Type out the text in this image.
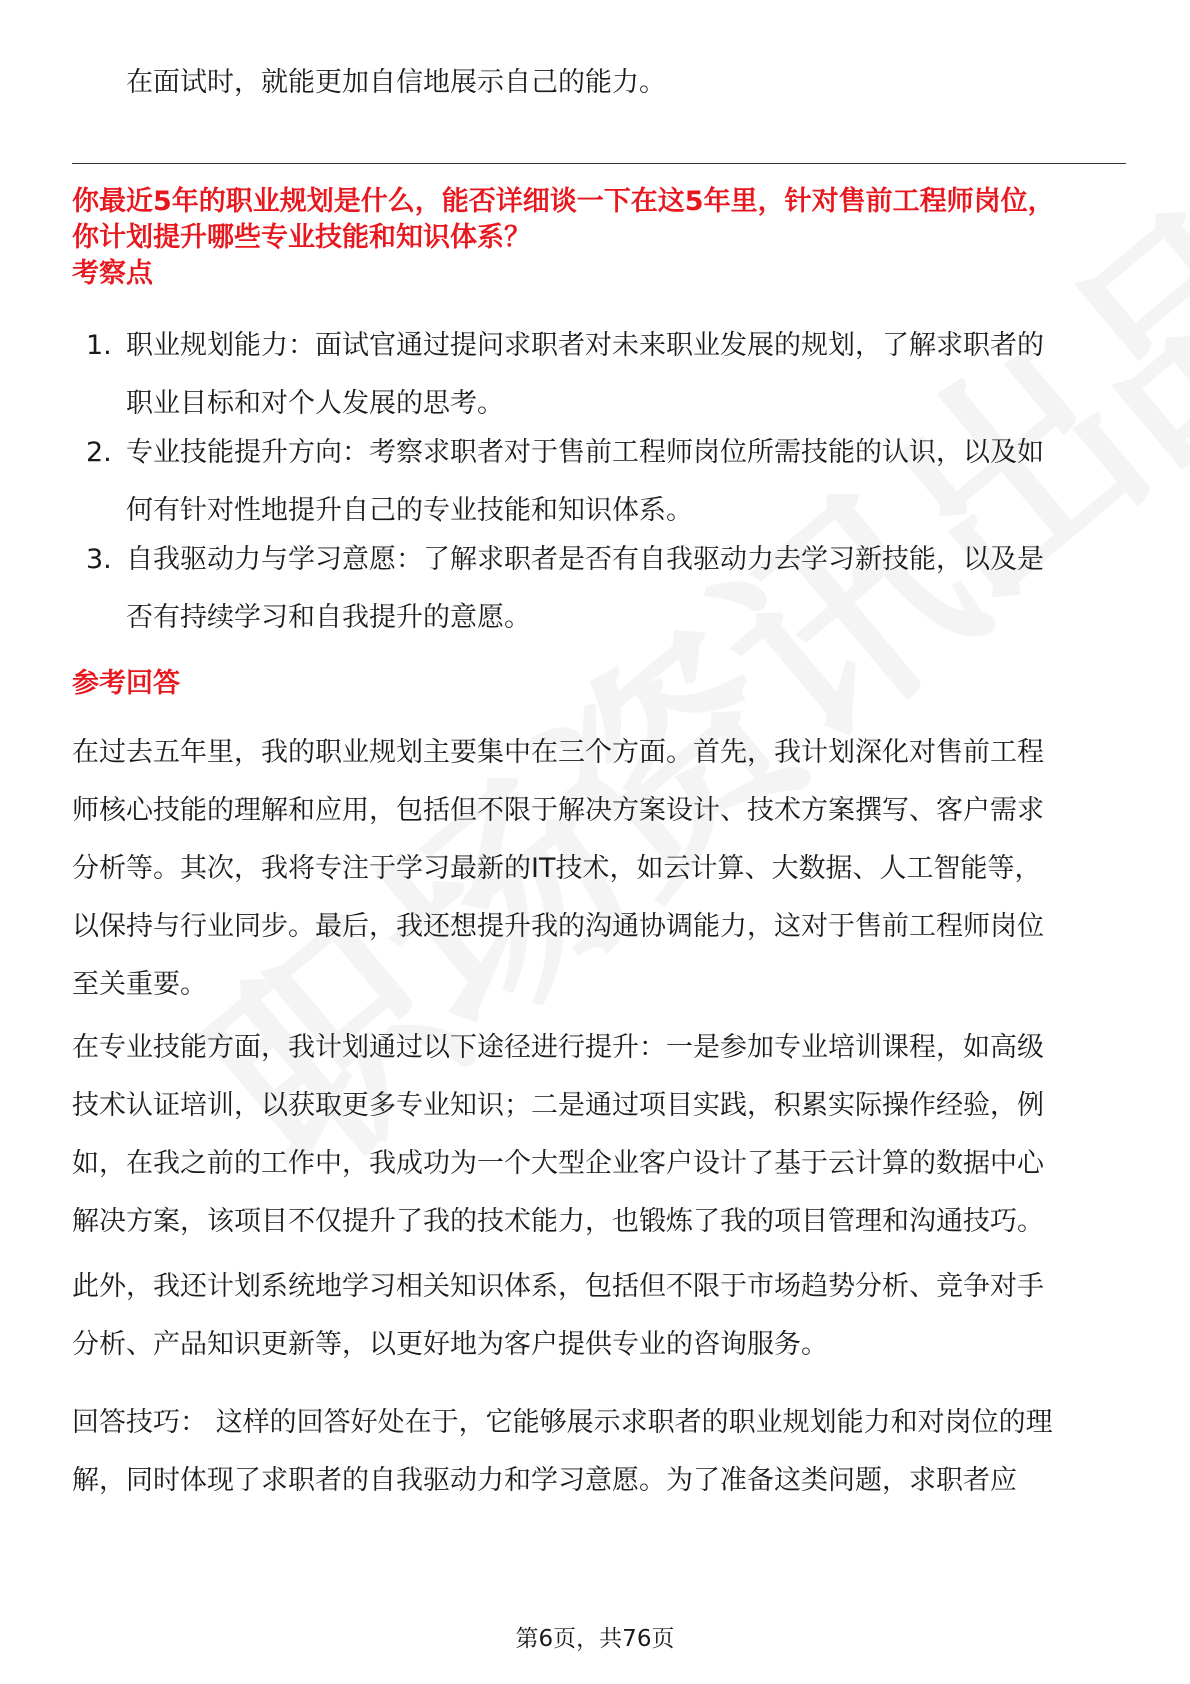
在面试时，就能更加自信地展示自己的能力。

你最近5年的职业规划是什么，能否详细谈一下在这5年里，针对售前工程师岗位，
你计划提升哪些专业技能和知识体系？
考察点
1. 职业规划能力：面试官通过提问求职者对未来职业发展的规划，了解求职者的
职业目标和对个人发展的思考。
2. 专业技能提升方向：考察求职者对于售前工程师岗位所需技能的认识，以及如
何有针对性地提升自己的专业技能和知识体系。
3. 自我驱动力与学习意愿：了解求职者是否有自我驱动力去学习新技能，以及是
否有持续学习和自我提升的意愿。
参考回答
在过去五年里，我的职业规划主要集中在三个方面。首先，我计划深化对售前工程
师核心技能的理解和应用，包括但不限于解决方案设计、技术方案撰写、客户需求
分析等。其次，我将专注于学习最新的IT技术，如云计算、大数据、人工智能等，
以保持与行业同步。最后，我还想提升我的沟通协调能力，这对于售前工程师岗位
至关重要。
在专业技能方面，我计划通过以下途径进行提升：一是参加专业培训课程，如高级
技术认证培训，以获取更多专业知识；二是通过项目实践，积累实际操作经验，例
如，在我之前的工作中，我成功为一个大型企业客户设计了基于云计算的数据中心
解决方案，该项目不仅提升了我的技术能力，也锻炼了我的项目管理和沟通技巧。
此外，我还计划系统地学习相关知识体系，包括但不限于市场趋势分析、竞争对手
分析、产品知识更新等，以更好地为客户提供专业的咨询服务。
回答技巧： 这样的回答好处在于，它能够展示求职者的职业规划能力和对岗位的理
解，同时体现了求职者的自我驱动力和学习意愿。为了准备这类问题，求职者应
第6页，共76页
